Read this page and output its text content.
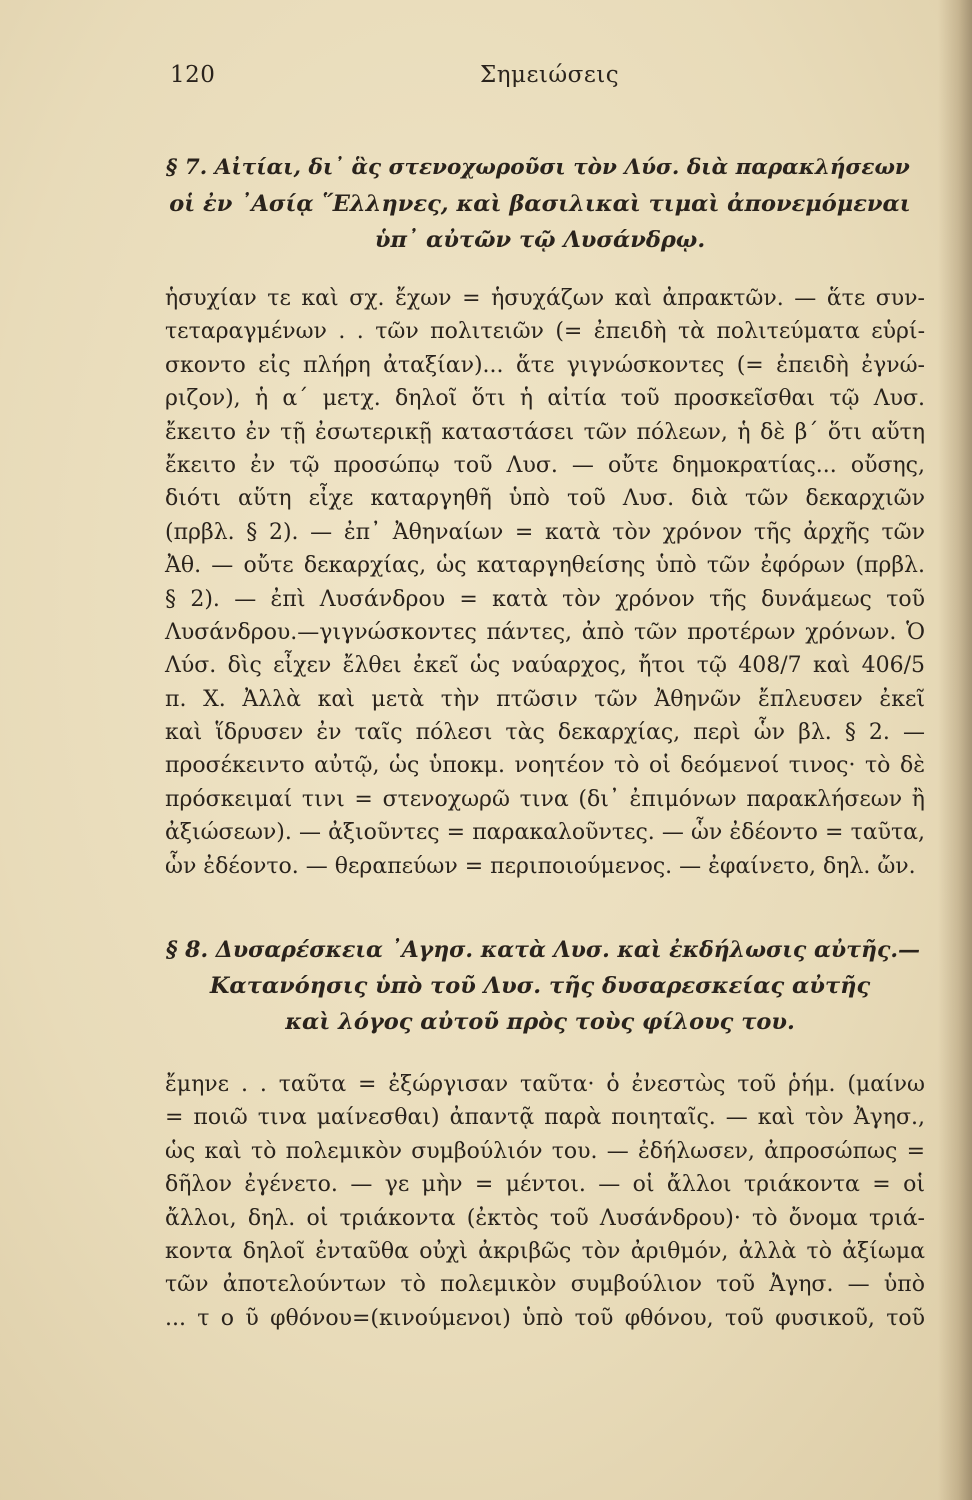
120	Σημειώσεις
§ 7. Αἰτίαι, δι᾿ ἃς στενοχωροῦσι τὸν Λύσ. διὰ παρακλήσεων
οἱ ἐν ᾿Ασίᾳ ῞Ελληνες, καὶ βασιλικαὶ τιμαὶ ἀπονεμόμεναι
ὑπ᾿ αὐτῶν τῷ Λυσάνδρῳ.
ἡσυχίαν τε καὶ σχ. ἔχων = ἡσυχάζων καὶ ἀπρακτῶν. — ἅτε συν-
τεταραγμένων . . τῶν πολιτειῶν (= ἐπειδὴ τὰ πολιτεύματα εὑρί-
σκοντο εἰς πλήρη ἀταξίαν)... ἅτε γιγνώσκοντες (= ἐπειδὴ ἐγνώ-
ριζον), ἡ α΄ μετχ. δηλοῖ ὅτι ἡ αἰτία τοῦ προσκεῖσθαι τῷ Λυσ.
ἔκειτο ἐν τῇ ἐσωτερικῇ καταστάσει τῶν πόλεων, ἡ δὲ β΄ ὅτι αὕτη
ἔκειτο ἐν τῷ προσώπῳ τοῦ Λυσ. — οὔτε δημοκρατίας... οὔσης,
διότι αὕτη εἶχε καταργηθῆ ὑπὸ τοῦ Λυσ. διὰ τῶν δεκαρχιῶν
(πρβλ. § 2). — ἐπ᾿ Ἀθηναίων = κατὰ τὸν χρόνον τῆς ἀρχῆς τῶν
Ἀθ. — οὔτε δεκαρχίας, ὡς καταργηθείσης ὑπὸ τῶν ἐφόρων (πρβλ.
§ 2). — ἐπὶ Λυσάνδρου = κατὰ τὸν χρόνον τῆς δυνάμεως τοῦ
Λυσάνδρου.—γιγνώσκοντες πάντες, ἀπὸ τῶν προτέρων χρόνων. Ὁ
Λύσ. δὶς εἶχεν ἔλθει ἐκεῖ ὡς ναύαρχος, ἤτοι τῷ 408/7 καὶ 406/5
π. Χ. Ἀλλὰ καὶ μετὰ τὴν πτῶσιν τῶν Ἀθηνῶν ἔπλευσεν ἐκεῖ
καὶ ἵδρυσεν ἐν ταῖς πόλεσι τὰς δεκαρχίας, περὶ ὧν βλ. § 2. —
προσέκειντο αὐτῷ, ὡς ὑποκμ. νοητέον τὸ οἱ δεόμενοί τινος· τὸ δὲ
πρόσκειμαί τινι = στενοχωρῶ τινα (δι᾿ ἐπιμόνων παρακλήσεων ἢ
ἀξιώσεων). — ἀξιοῦντες = παρακαλοῦντες. — ὧν ἐδέοντο = ταῦτα,
ὧν ἐδέοντο. — θεραπεύων = περιποιούμενος. — ἐφαίνετο, δηλ. ὤν.
§ 8. Δυσαρέσκεια ᾿Αγησ. κατὰ Λυσ. καὶ ἐκδήλωσις αὐτῆς.—
Κατανόησις ὑπὸ τοῦ Λυσ. τῆς δυσαρεσκείας αὐτῆς
καὶ λόγος αὐτοῦ πρὸς τοὺς φίλους του.
ἔμηνε . . ταῦτα = ἐξώργισαν ταῦτα· ὁ ἐνεστὼς τοῦ ῥήμ. (μαίνω
= ποιῶ τινα μαίνεσθαι) ἀπαντᾷ παρὰ ποιηταῖς. — καὶ τὸν Ἀγησ.,
ὡς καὶ τὸ πολεμικὸν συμβούλιόν του. — ἐδήλωσεν, ἀπροσώπως =
δῆλον ἐγένετο. — γε μὴν = μέντοι. — οἱ ἄλλοι τριάκοντα = οἱ
ἄλλοι, δηλ. οἱ τριάκοντα (ἐκτὸς τοῦ Λυσάνδρου)· τὸ ὄνομα τριά-
κοντα δηλοῖ ἐνταῦθα οὐχὶ ἀκριβῶς τὸν ἀριθμόν, ἀλλὰ τὸ ἀξίωμα
τῶν ἀποτελούντων τὸ πολεμικὸν συμβούλιον τοῦ Ἀγησ. — ὑπὸ
... τ ο ῦ φθόνου=(κινούμενοι) ὑπὸ τοῦ φθόνου, τοῦ φυσικοῦ, τοῦ
